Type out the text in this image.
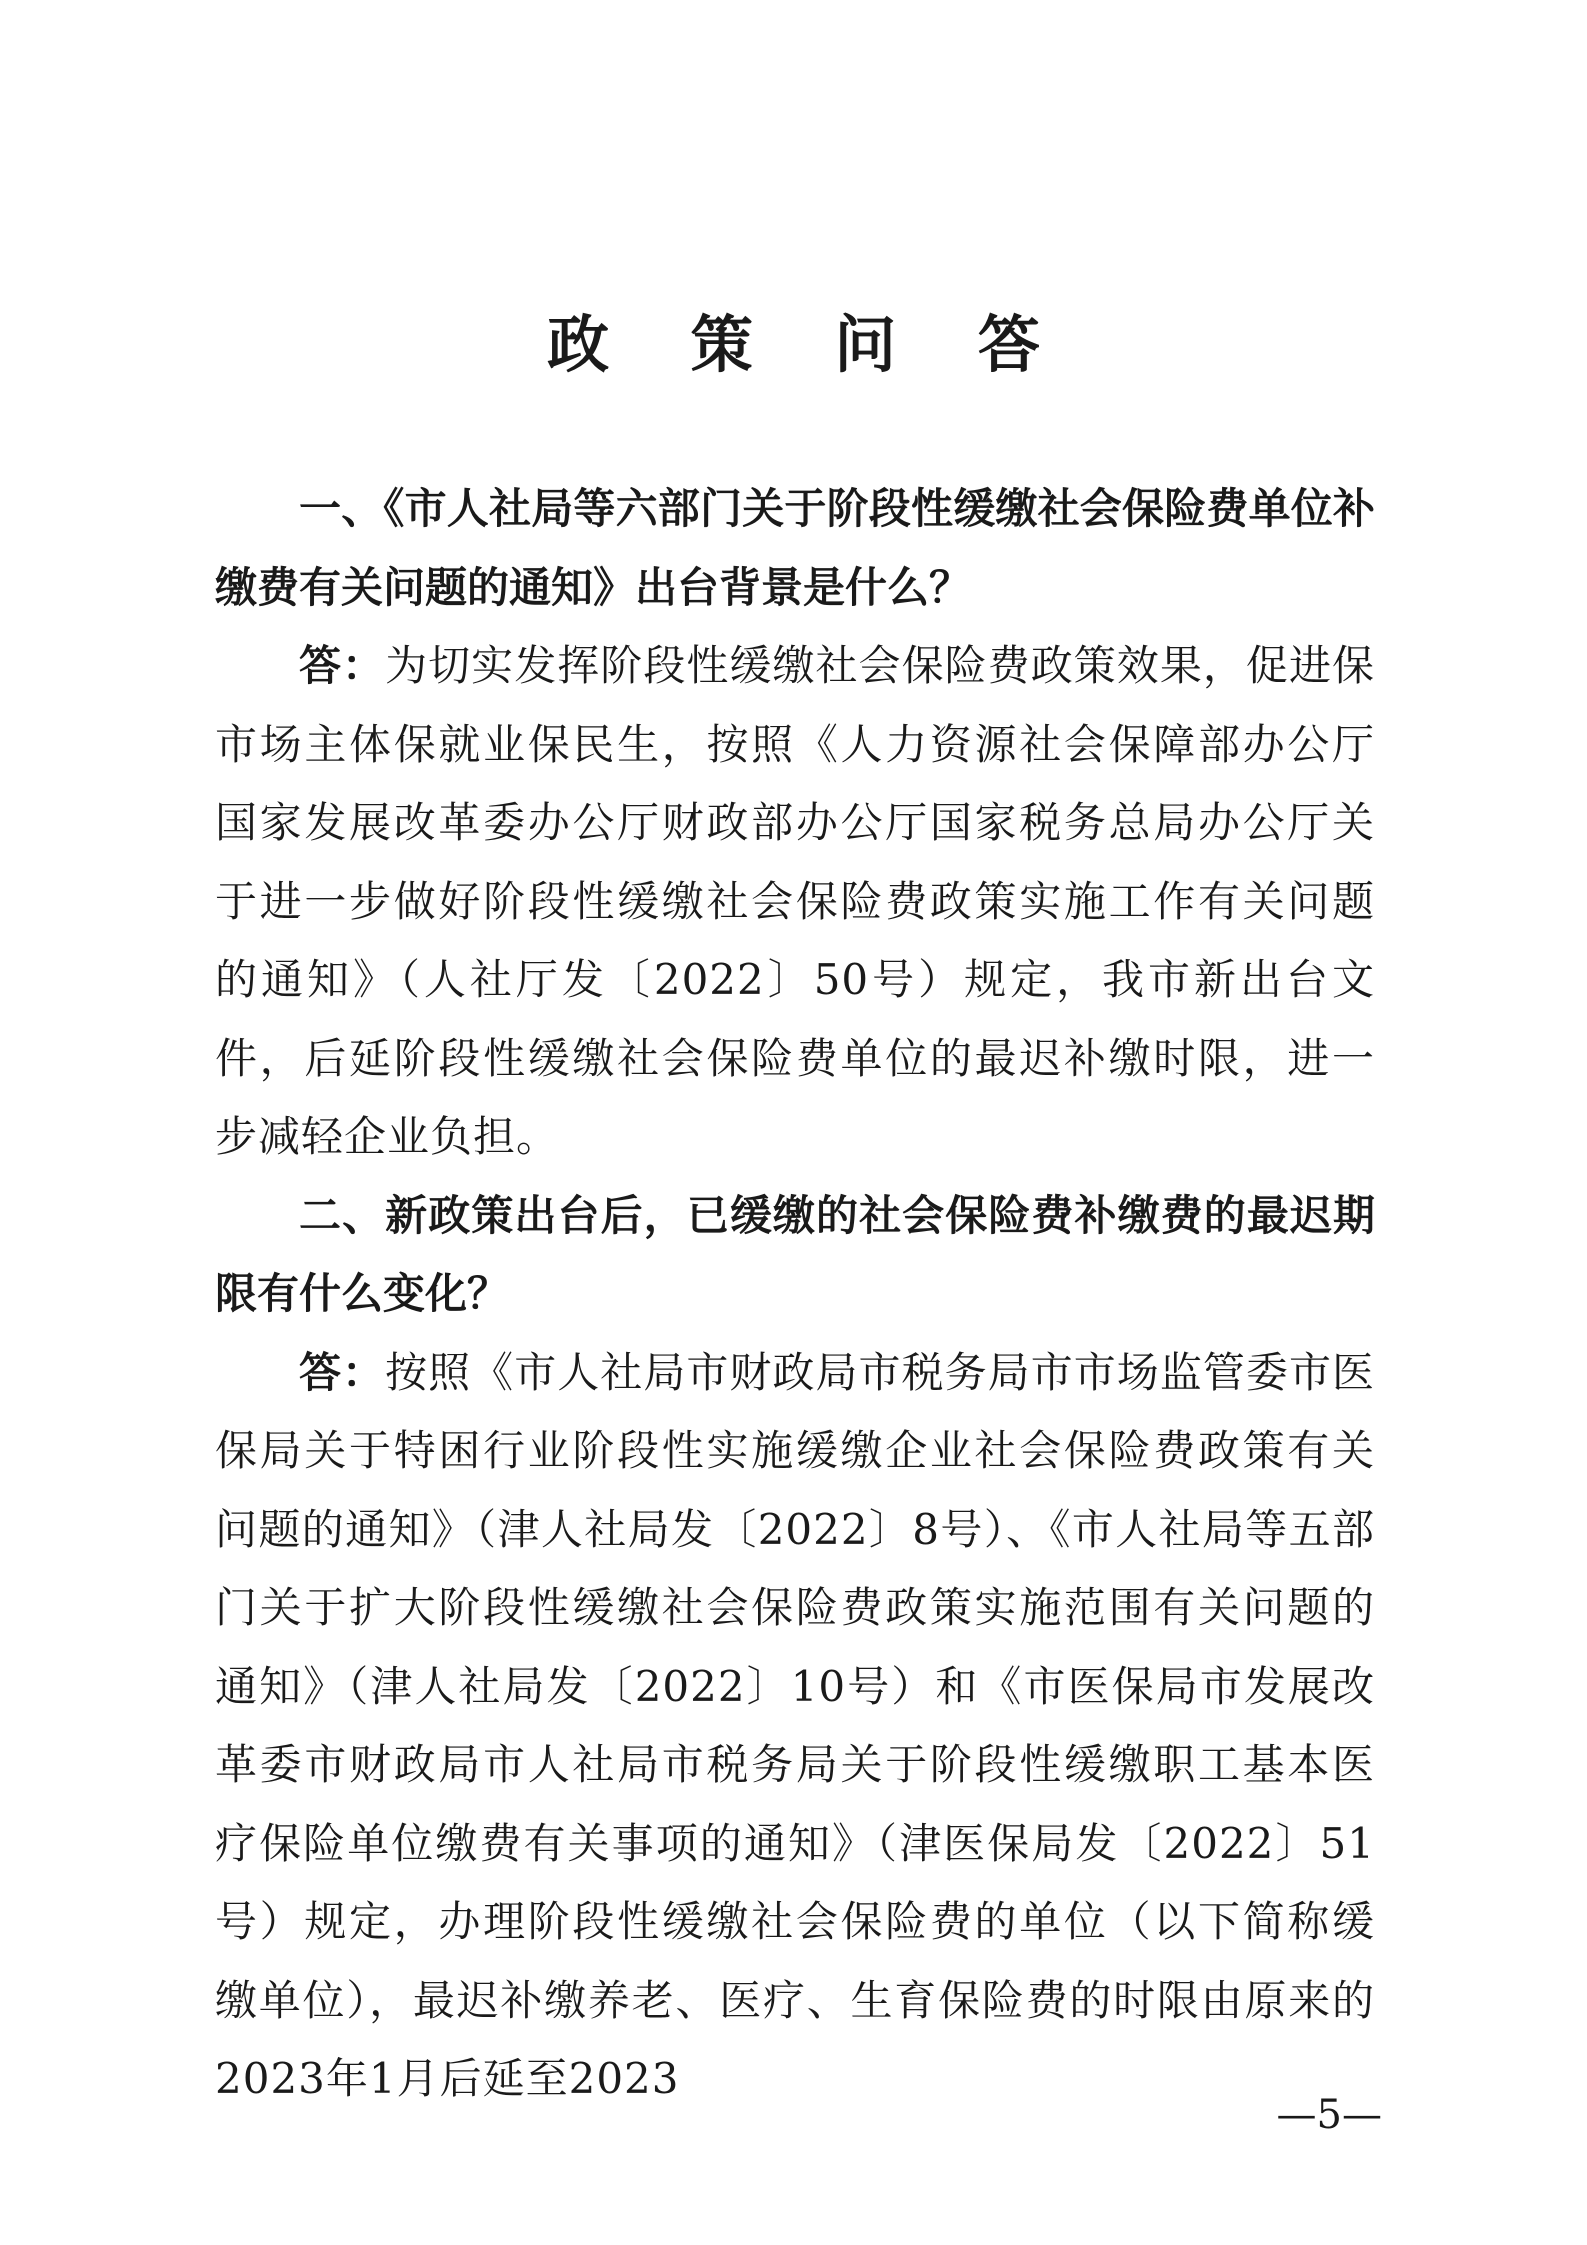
政 策 问 答

一、《市人社局等六部门关于阶段性缓缴社会保险费单位补缴费有关问题的通知》出台背景是什么？

答：为切实发挥阶段性缓缴社会保险费政策效果，促进保市场主体保就业保民生，按照《人力资源社会保障部办公厅国家发展改革委办公厅财政部办公厅国家税务总局办公厅关于进一步做好阶段性缓缴社会保险费政策实施工作有关问题的通知》（人社厅发〔2022〕50号）规定，我市新出台文件，后延阶段性缓缴社会保险费单位的最迟补缴时限，进一步减轻企业负担。

二、新政策出台后，已缓缴的社会保险费补缴费的最迟期限有什么变化？

答：按照《市人社局市财政局市税务局市市场监管委市医保局关于特困行业阶段性实施缓缴企业社会保险费政策有关问题的通知》（津人社局发〔2022〕8号）、《市人社局等五部门关于扩大阶段性缓缴社会保险费政策实施范围有关问题的通知》（津人社局发〔2022〕10号）和《市医保局市发展改革委市财政局市人社局市税务局关于阶段性缓缴职工基本医疗保险单位缴费有关事项的通知》（津医保局发〔2022〕51号）规定，办理阶段性缓缴社会保险费的单位（以下简称缓缴单位），最迟补缴养老、医疗、生育保险费的时限由原来的2023年1月后延至2023

—5—
